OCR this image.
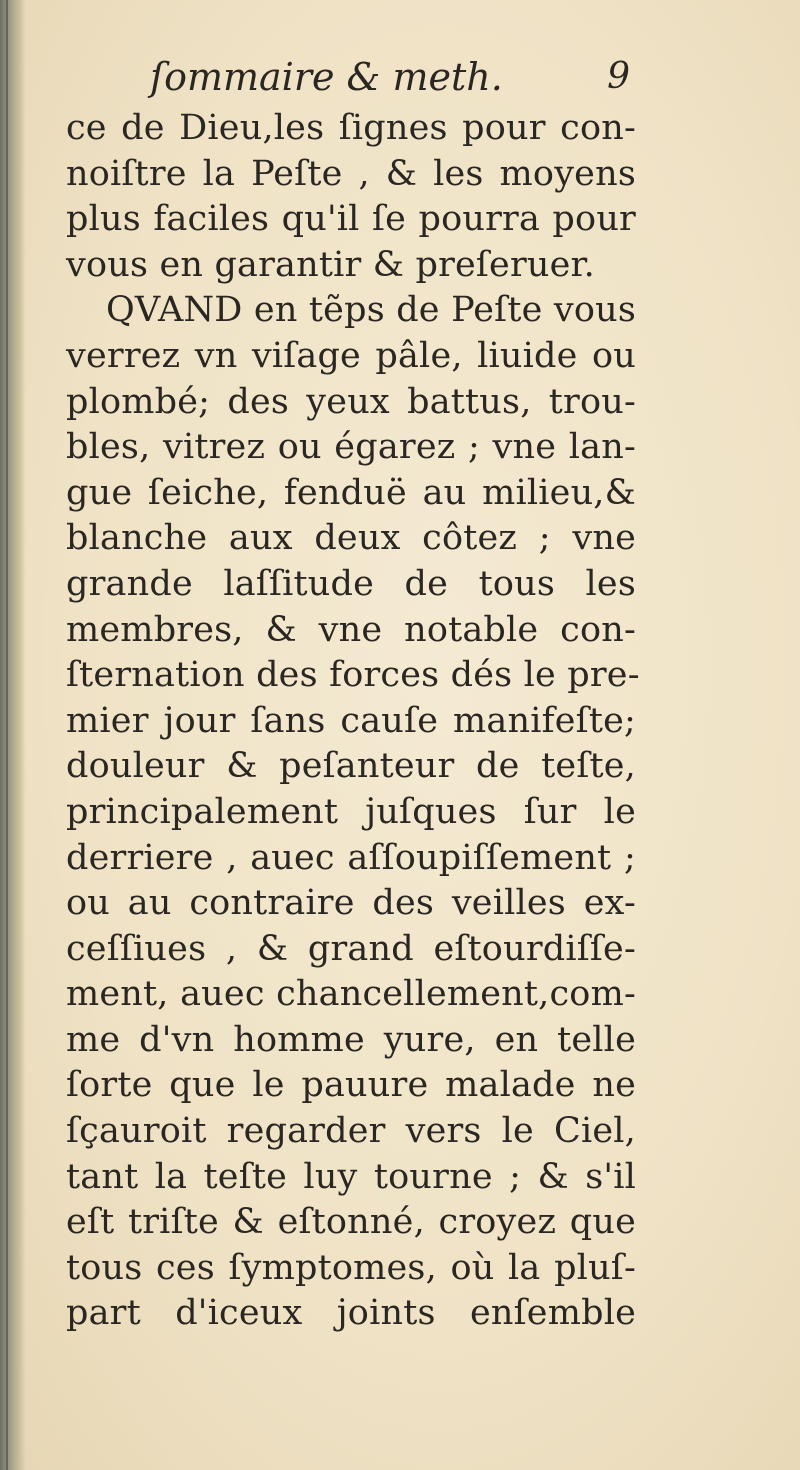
ſommaire & meth.	9
ce de Dieu,les ſignes pour con-
noiſtre la Peſte , & les moyens
plus faciles qu'il ſe pourra pour
vous en garantir & preſeruer.
QVAND en tẽps de Peſte vous
verrez vn viſage pâle, liuide ou
plombé; des yeux battus, trou-
bles, vitrez ou égarez ; vne lan-
gue ſeiche, fenduë au milieu,&
blanche aux deux côtez ; vne
grande laſſitude de tous les
membres, & vne notable con-
ſternation des forces dés le pre-
mier jour ſans cauſe manifeſte;
douleur & peſanteur de teſte,
principalement juſques ſur le
derriere , auec aſſoupiſſement ;
ou au contraire des veilles ex-
ceſſiues , & grand eſtourdiſſe-
ment, auec chancellement,com-
me d'vn homme yure, en telle
ſorte que le pauure malade ne
ſçauroit regarder vers le Ciel,
tant la teſte luy tourne ; & s'il
eſt triſte & eſtonné, croyez que
tous ces ſymptomes, où la pluſ-
part d'iceux joints enſemble
